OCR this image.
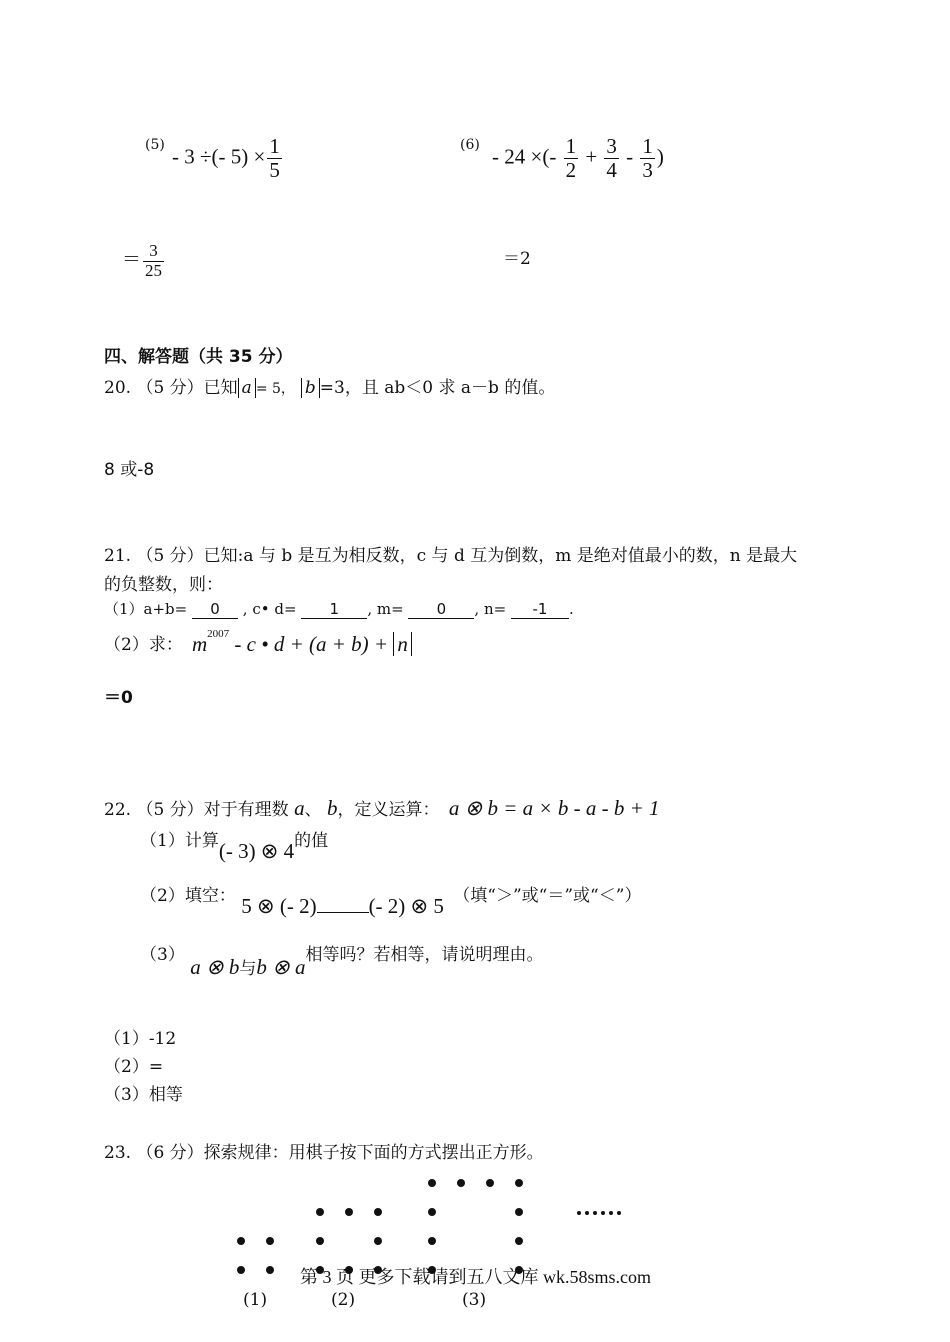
(5) - 3 ÷(- $5) \times \frac{1}{5}$
＝ $\frac{3}{25}$
(6) - 24 ×(- $\frac{1}{2} + \frac{3}{4} - \frac{1}{3}$ )
＝2
四、解答题（共 35 分）
20. （5 分）已知 a = 5， b =3，且 ab＜0 求 a－b 的值。
8 或-8
21. （5 分）已知:a 与 b 是互为相反数，c 与 d 互为倒数，m 是绝对值最小的数，n 是最大
的负整数，则：
（1）a+b= 0 , c• d= 1 , m= 0 , n= -1 .
（2）求： $m^{2007}$ - c • d + (a + b) + n
＝0
22. （5 分）对于有理数 a、 b，定义运算： a ⊗ b = a × b - a - b + 1
（1）计算(- 3) ⊗ 4的值
（2）填空： 5 ⊗ (- 2) (- 2) ⊗ 5 （填“＞”或“＝”或“＜”）
（3） a ⊗ b与b ⊗ a相等吗？若相等，请说明理由。
（1）-12
（2）=
（3）相等
23. （6 分）探索规律：用棋子按下面的方式摆出正方形。
第 3 页 更多下载请到五八文库 wk.58sms.com
(1)	(2)	(3)
